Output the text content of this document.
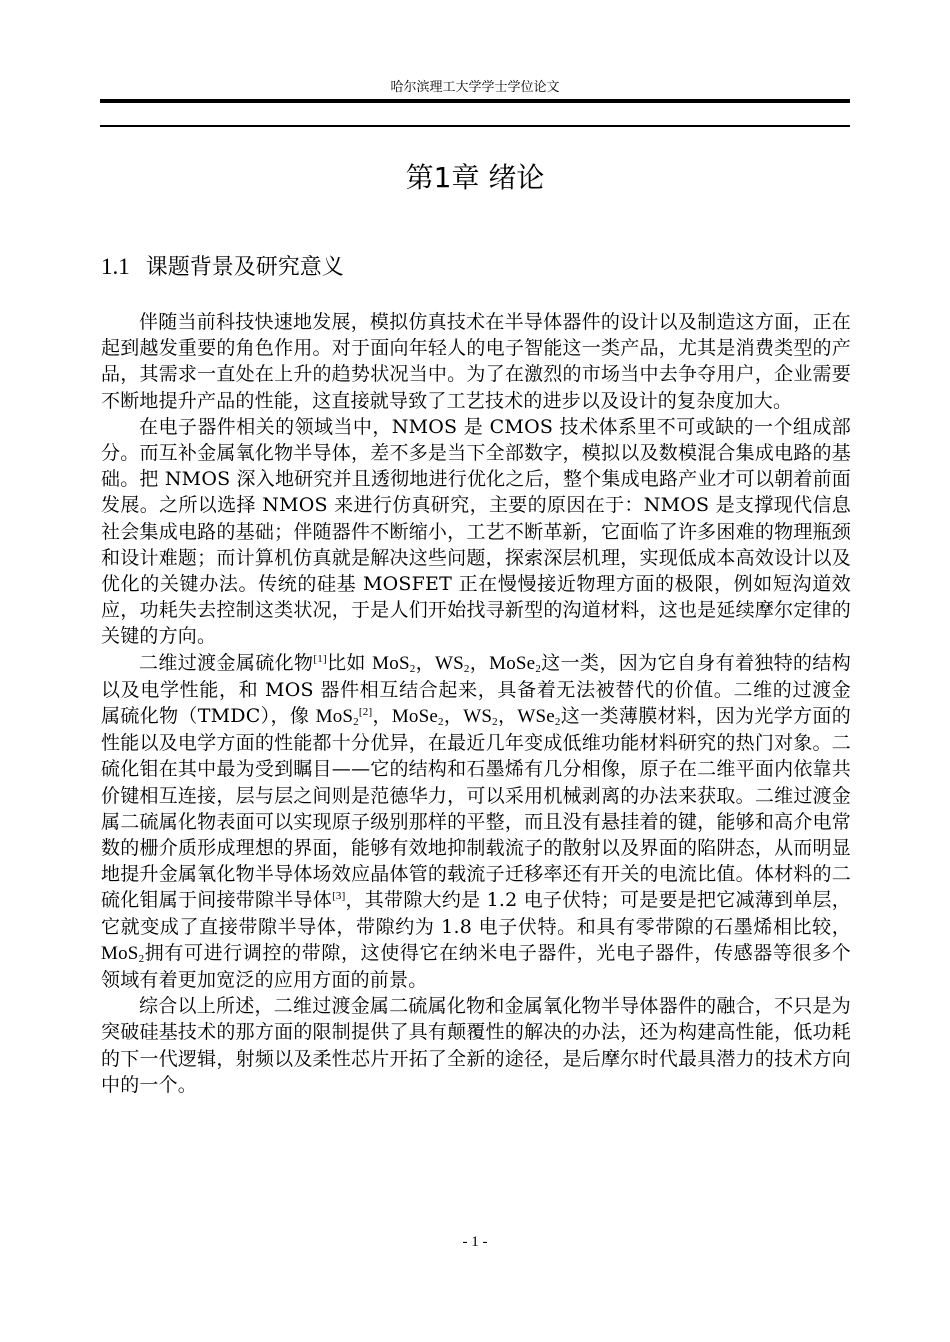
哈尔滨理工大学学士学位论文
第1章 绪论
1.1 课题背景及研究意义

伴随当前科技快速地发展，模拟仿真技术在半导体器件的设计以及制造这方面，正在起到越发重要的角色作用。对于面向年轻人的电子智能这一类产品，尤其是消费类型的产品，其需求一直处在上升的趋势状况当中。为了在激烈的市场当中去争夺用户，企业需要不断地提升产品的性能，这直接就导致了工艺技术的进步以及设计的复杂度加大。

在电子器件相关的领域当中，NMOS 是 CMOS 技术体系里不可或缺的一个组成部分。而互补金属氧化物半导体，差不多是当下全部数字，模拟以及数模混合集成电路的基础。把 NMOS 深入地研究并且透彻地进行优化之后，整个集成电路产业才可以朝着前面发展。之所以选择 NMOS 来进行仿真研究，主要的原因在于：NMOS 是支撑现代信息社会集成电路的基础；伴随器件不断缩小，工艺不断革新，它面临了许多困难的物理瓶颈和设计难题；而计算机仿真就是解决这些问题，探索深层机理，实现低成本高效设计以及优化的关键办法。传统的硅基 MOSFET 正在慢慢接近物理方面的极限，例如短沟道效应，功耗失去控制这类状况，于是人们开始找寻新型的沟道材料，这也是延续摩尔定律的关键的方向。

二维过渡金属硫化物[1]比如 MoS$_2$，$WS_2$，MoSe$_2$这一类，因为它自身有着独特的结构以及电学性能，和 MOS 器件相互结合起来，具备着无法被替代的价值。二维的过渡金属硫化物（TMDC），像 MoS$_2$[2]，MoSe$_2$，$WS_2$，WSe$_2$这一类薄膜材料，因为光学方面的性能以及电学方面的性能都十分优异，在最近几年变成低维功能材料研究的热门对象。二硫化钼在其中最为受到瞩目——它的结构和石墨烯有几分相像，原子在二维平面内依靠共价键相互连接，层与层之间则是范德华力，可以采用机械剥离的办法来获取。二维过渡金属二硫属化物表面可以实现原子级别那样的平整，而且没有悬挂着的键，能够和高介电常数的栅介质形成理想的界面，能够有效地抑制载流子的散射以及界面的陷阱态，从而明显地提升金属氧化物半导体场效应晶体管的载流子迁移率还有开关的电流比值。体材料的二硫化钼属于间接带隙半导体[3]，其带隙大约是 1.2 电子伏特；可是要是把它减薄到单层，它就变成了直接带隙半导体，带隙约为 1.8 电子伏特。和具有零带隙的石墨烯相比较，MoS$_2$拥有可进行调控的带隙，这使得它在纳米电子器件，光电子器件，传感器等很多个领域有着更加宽泛的应用方面的前景。

综合以上所述，二维过渡金属二硫属化物和金属氧化物半导体器件的融合，不只是为突破硅基技术的那方面的限制提供了具有颠覆性的解决的办法，还为构建高性能，低功耗的下一代逻辑，射频以及柔性芯片开拓了全新的途径，是后摩尔时代最具潜力的技术方向中的一个。

- 1 -
